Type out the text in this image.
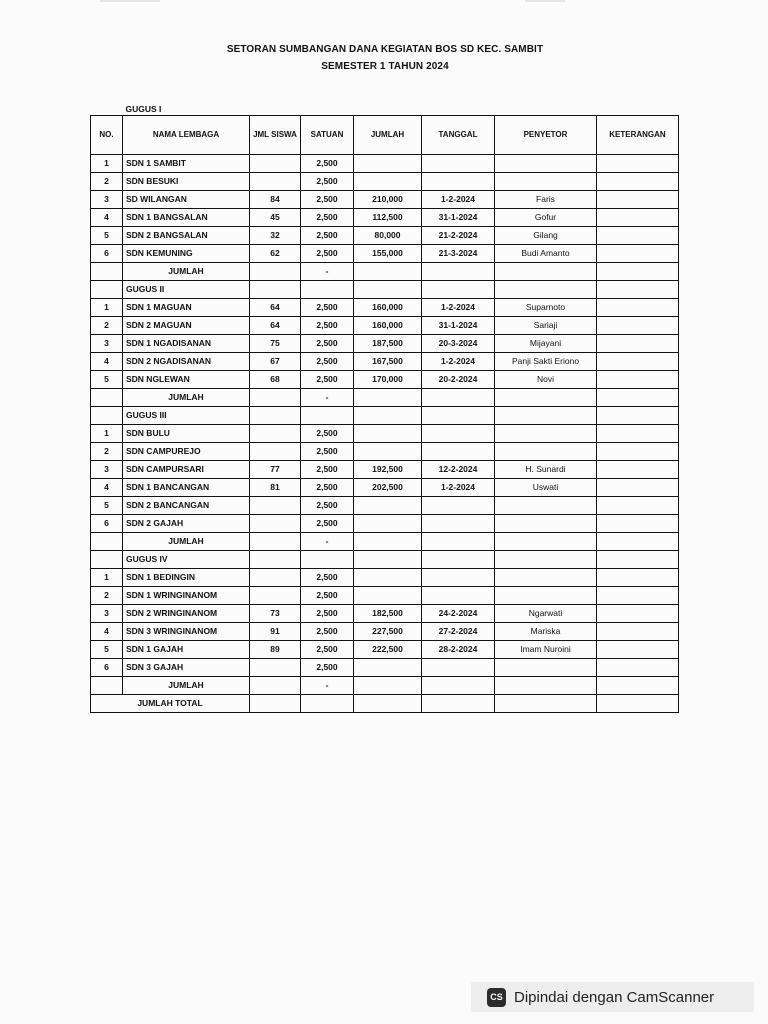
SETORAN SUMBANGAN DANA KEGIATAN BOS SD KEC. SAMBIT
SEMESTER 1 TAHUN 2024
	GUGUS I						
NO.	NAMA LEMBAGA	JML SISWA	SATUAN	JUMLAH	TANGGAL	PENYETOR	KETERANGAN
1	SDN 1 SAMBIT		2,500				
2	SDN BESUKI		2,500				
3	SD WILANGAN	84	2,500	210,000	1-2-2024	Faris	
4	SDN 1 BANGSALAN	45	2,500	112,500	31-1-2024	Gofur	
5	SDN 2 BANGSALAN	32	2,500	80,000	21-2-2024	Gilang	
6	SDN KEMUNING	62	2,500	155,000	21-3-2024	Budi Amanto	
	JUMLAH		-				
	GUGUS II						
1	SDN 1 MAGUAN	64	2,500	160,000	1-2-2024	Suparnoto	
2	SDN 2 MAGUAN	64	2,500	160,000	31-1-2024	Sariaji	
3	SDN 1 NGADISANAN	75	2,500	187,500	20-3-2024	Mijayani	
4	SDN 2 NGADISANAN	67	2,500	167,500	1-2-2024	Panji Sakti Eriono	
5	SDN NGLEWAN	68	2,500	170,000	20-2-2024	Novi	
	JUMLAH		-				
	GUGUS III						
1	SDN BULU		2,500				
2	SDN CAMPUREJO		2,500				
3	SDN CAMPURSARI	77	2,500	192,500	12-2-2024	H. Sunardi	
4	SDN 1 BANCANGAN	81	2,500	202,500	1-2-2024	Uswati	
5	SDN 2 BANCANGAN		2,500				
6	SDN 2 GAJAH		2,500				
	JUMLAH		-				
	GUGUS IV						
1	SDN 1 BEDINGIN		2,500				
2	SDN 1 WRINGINANOM		2,500				
3	SDN 2 WRINGINANOM	73	2,500	182,500	24-2-2024	Ngarwati	
4	SDN 3 WRINGINANOM	91	2,500	227,500	27-2-2024	Mariska	
5	SDN 1 GAJAH	89	2,500	222,500	28-2-2024	Imam Nuroini	
6	SDN 3 GAJAH		2,500				
	JUMLAH		-				
JUMLAH TOTAL							
CS Dipindai dengan CamScanner
